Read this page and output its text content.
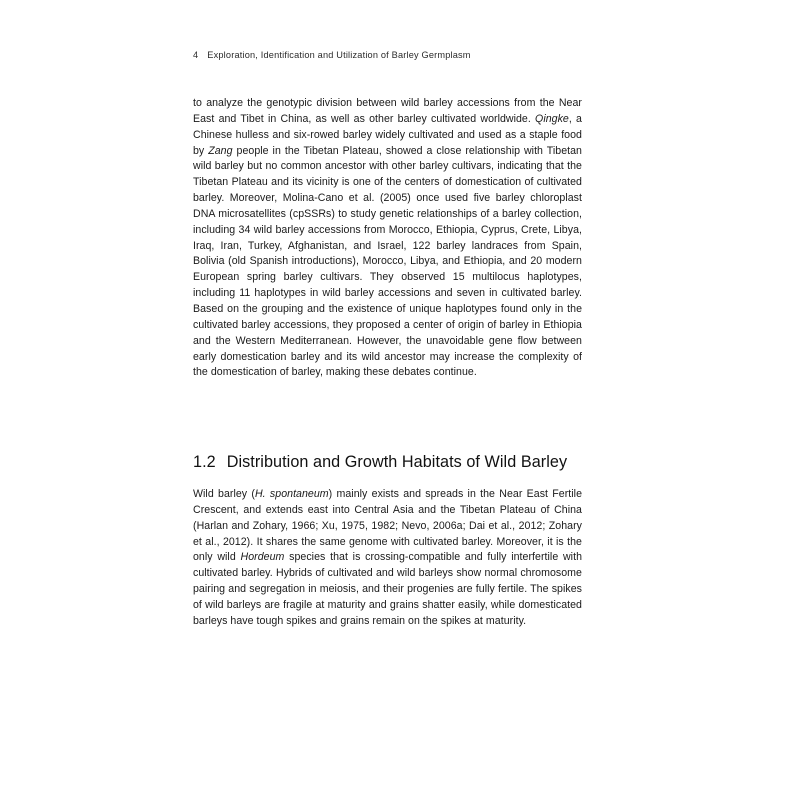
4 Exploration, Identification and Utilization of Barley Germplasm

to analyze the genotypic division between wild barley accessions from the Near East and Tibet in China, as well as other barley cultivated worldwide. Qingke, a Chinese hulless and six-rowed barley widely cultivated and used as a staple food by Zang people in the Tibetan Plateau, showed a close relationship with Tibetan wild barley but no common ancestor with other barley cultivars, indicating that the Tibetan Plateau and its vicinity is one of the centers of domestication of cultivated barley. Moreover, Molina-Cano et al. (2005) once used five barley chloroplast DNA microsatellites (cpSSRs) to study genetic relationships of a barley collection, including 34 wild barley accessions from Morocco, Ethiopia, Cyprus, Crete, Libya, Iraq, Iran, Turkey, Afghanistan, and Israel, 122 barley landraces from Spain, Bolivia (old Spanish introductions), Morocco, Libya, and Ethiopia, and 20 modern European spring barley cultivars. They observed 15 multilocus haplotypes, including 11 haplotypes in wild barley accessions and seven in cultivated barley. Based on the grouping and the existence of unique haplotypes found only in the cultivated barley accessions, they proposed a center of origin of barley in Ethiopia and the Western Mediterranean. However, the unavoidable gene flow between early domestication barley and its wild ancestor may increase the complexity of the domestication of barley, making these debates continue.

1.2 Distribution and Growth Habitats of Wild Barley

Wild barley (H. spontaneum) mainly exists and spreads in the Near East Fertile Crescent, and extends east into Central Asia and the Tibetan Plateau of China (Harlan and Zohary, 1966; Xu, 1975, 1982; Nevo, 2006a; Dai et al., 2012; Zohary et al., 2012). It shares the same genome with cultivated barley. Moreover, it is the only wild Hordeum species that is crossing-compatible and fully interfertile with cultivated barley. Hybrids of cultivated and wild barleys show normal chromosome pairing and segregation in meiosis, and their progenies are fully fertile. The spikes of wild barleys are fragile at maturity and grains shatter easily, while domesticated barleys have tough spikes and grains remain on the spikes at maturity.
